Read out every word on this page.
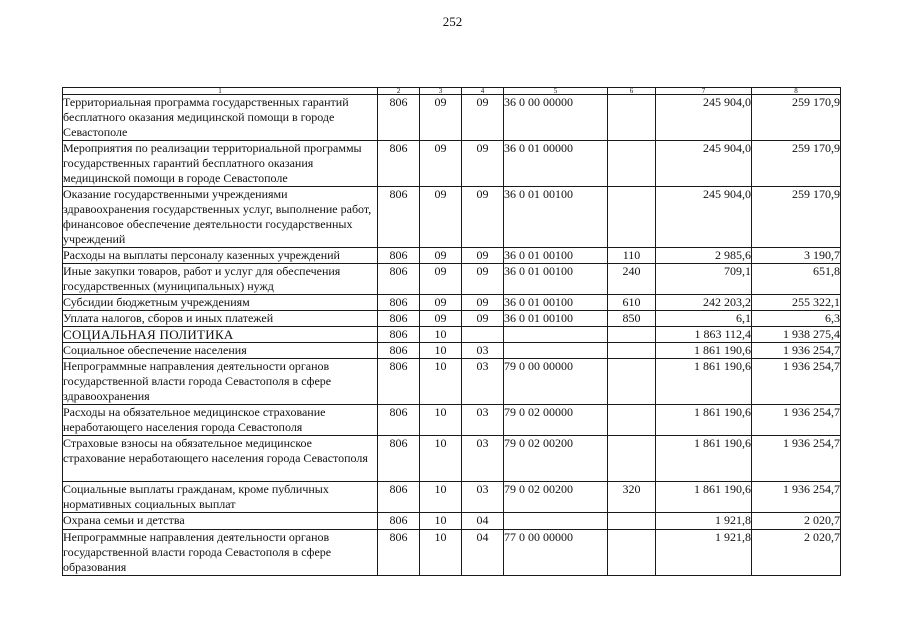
252
1	2	3	4	5	6	7	8
Территориальная программа государственных гарантий бесплатного оказания медицинской помощи в городе Севастополе	806	09	09	36 0 00 00000		245 904,0	259 170,9
Мероприятия по реализации территориальной программы государственных гарантий бесплатного оказания медицинской помощи в городе Севастополе	806	09	09	36 0 01 00000		245 904,0	259 170,9
Оказание государственными учреждениями здравоохранения государственных услуг, выполнение работ, финансовое обеспечение деятельности государственных учреждений	806	09	09	36 0 01 00100		245 904,0	259 170,9
Расходы на выплаты персоналу казенных учреждений	806	09	09	36 0 01 00100	110	2 985,6	3 190,7
Иные закупки товаров, работ и услуг для обеспечения государственных (муниципальных) нужд	806	09	09	36 0 01 00100	240	709,1	651,8
Субсидии бюджетным учреждениям	806	09	09	36 0 01 00100	610	242 203,2	255 322,1
Уплата налогов, сборов и иных платежей	806	09	09	36 0 01 00100	850	6,1	6,3
СОЦИАЛЬНАЯ ПОЛИТИКА	806	10				1 863 112,4	1 938 275,4
Социальное обеспечение населения	806	10	03			1 861 190,6	1 936 254,7
Непрограммные направления деятельности органов государственной власти города Севастополя в сфере здравоохранения	806	10	03	79 0 00 00000		1 861 190,6	1 936 254,7
Расходы на обязательное медицинское страхование неработающего населения города Севастополя	806	10	03	79 0 02 00000		1 861 190,6	1 936 254,7
Страховые взносы на обязательное медицинское страхование неработающего населения города Севастополя	806	10	03	79 0 02 00200		1 861 190,6	1 936 254,7
Социальные выплаты гражданам, кроме публичных нормативных социальных выплат	806	10	03	79 0 02 00200	320	1 861 190,6	1 936 254,7
Охрана семьи и детства	806	10	04			1 921,8	2 020,7
Непрограммные направления деятельности органов государственной власти города Севастополя в сфере образования	806	10	04	77 0 00 00000		1 921,8	2 020,7
